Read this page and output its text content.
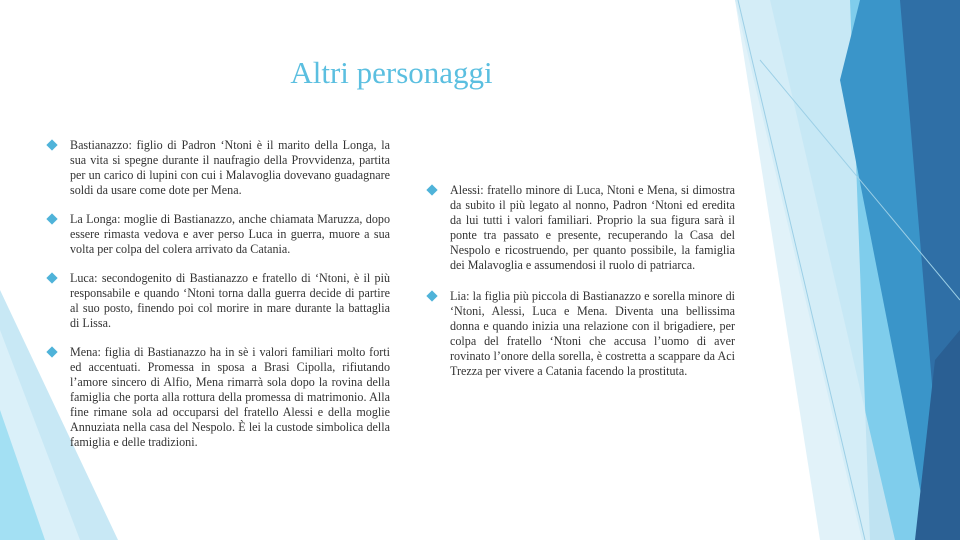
Altri personaggi
Bastianazzo: figlio di Padron ‘Ntoni è il marito della Longa, la sua vita si spegne durante il naufragio della Provvidenza, partita per un carico di lupini con cui i Malavoglia dovevano guadagnare soldi da usare come dote per Mena.
La Longa: moglie di Bastianazzo, anche chiamata Maruzza, dopo essere rimasta vedova e aver perso Luca in guerra, muore a sua volta per colpa del colera arrivato da Catania.
Luca: secondogenito di Bastianazzo e fratello di ‘Ntoni, è il più responsabile e quando ‘Ntoni torna dalla guerra decide di partire al suo posto, finendo poi col morire in mare durante la battaglia di Lissa.
Mena: figlia di Bastianazzo ha in sè i valori familiari molto forti ed accentuati. Promessa in sposa a Brasi Cipolla, rifiutando l’amore sincero di Alfio, Mena rimarrà sola dopo la rovina della famiglia che porta alla rottura della promessa di matrimonio. Alla fine rimane sola ad occuparsi del fratello Alessi e della moglie Annuziata nella casa del Nespolo. È lei la custode simbolica della famiglia e delle tradizioni.
Alessi: fratello minore di Luca, Ntoni e Mena, si dimostra da subito il più legato al nonno, Padron ‘Ntoni ed eredita da lui tutti i valori familiari. Proprio la sua figura sarà il ponte tra passato e presente, recuperando la Casa del Nespolo e ricostruendo, per quanto possibile, la famiglia dei Malavoglia e assumendosi il ruolo di patriarca.
Lia: la figlia più piccola di Bastianazzo e sorella minore di ‘Ntoni, Alessi, Luca e Mena. Diventa una bellissima donna e quando inizia una relazione con il brigadiere, per colpa del fratello ‘Ntoni che accusa l’uomo di aver rovinato l’onore della sorella, è costretta a scappare da Aci Trezza per vivere a Catania facendo la prostituta.
